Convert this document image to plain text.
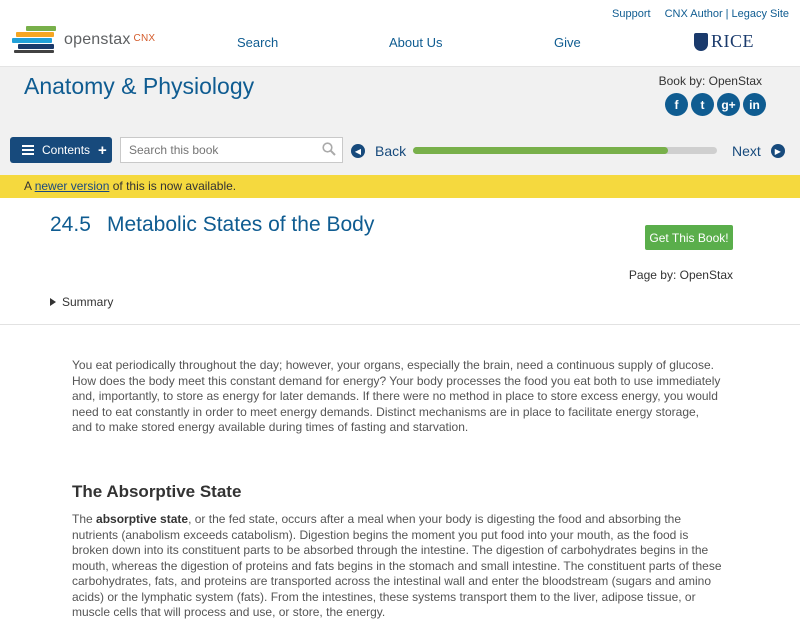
Support CNX Author | Legacy Site
openstax CNX	Search	About Us	Give	RICE
Anatomy & Physiology	Book by: OpenStax
f	t	g+	in
Contents +
Search this book	◀ Back	Next	▶
A newer version of this is now available.
24.5 Metabolic States of the Body
Get This Book!
Page by: OpenStax
Summary

You eat periodically throughout the day; however, your organs, especially the brain, need a continuous supply of glucose. How does the body meet this constant demand for energy? Your body processes the food you eat both to use immediately and, importantly, to store as energy for later demands. If there were no method in place to store excess energy, you would need to eat constantly in order to meet energy demands. Distinct mechanisms are in place to facilitate energy storage, and to make stored energy available during times of fasting and starvation.

The Absorptive State

The absorptive state, or the fed state, occurs after a meal when your body is digesting the food and absorbing the nutrients (anabolism exceeds catabolism). Digestion begins the moment you put food into your mouth, as the food is broken down into its constituent parts to be absorbed through the intestine. The digestion of carbohydrates begins in the mouth, whereas the digestion of proteins and fats begins in the stomach and small intestine. The constituent parts of these carbohydrates, fats, and proteins are transported across the intestinal wall and enter the bloodstream (sugars and amino acids) or the lymphatic system (fats). From the intestines, these systems transport them to the liver, adipose tissue, or muscle cells that will process and use, or store, the energy.
